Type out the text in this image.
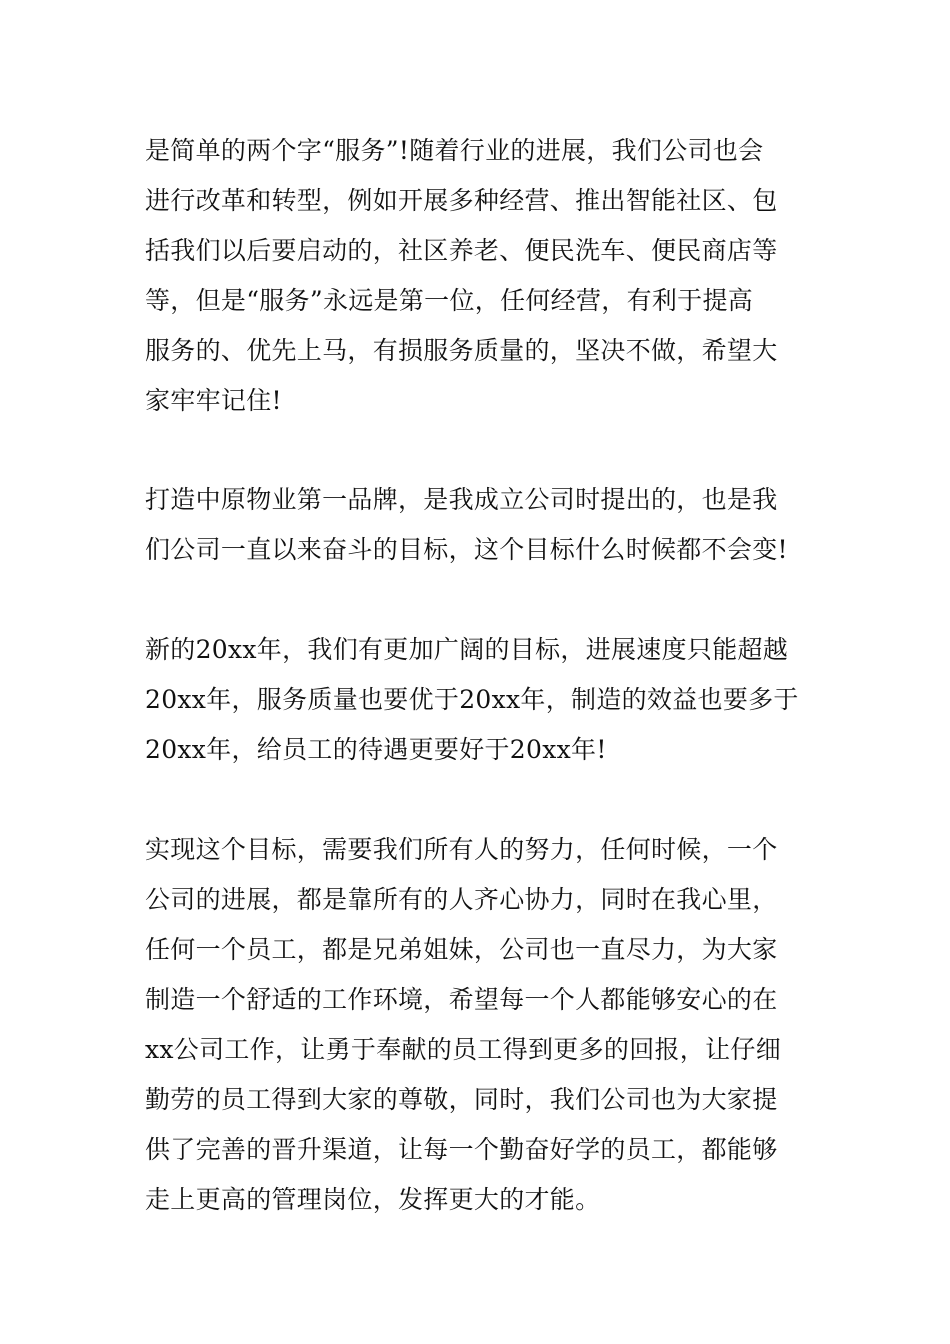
是简单的两个字“服务”!随着行业的进展，我们公司也会
进行改革和转型，例如开展多种经营、推出智能社区、包
括我们以后要启动的，社区养老、便民洗车、便民商店等
等，但是“服务”永远是第一位，任何经营，有利于提高
服务的、优先上马，有损服务质量的，坚决不做，希望大
家牢牢记住!

打造中原物业第一品牌，是我成立公司时提出的，也是我
们公司一直以来奋斗的目标，这个目标什么时候都不会变!

新的20xx年，我们有更加广阔的目标，进展速度只能超越
20xx年，服务质量也要优于20xx年，制造的效益也要多于
20xx年，给员工的待遇更要好于20xx年!

实现这个目标，需要我们所有人的努力，任何时候，一个
公司的进展，都是靠所有的人齐心协力，同时在我心里，
任何一个员工，都是兄弟姐妹，公司也一直尽力，为大家
制造一个舒适的工作环境，希望每一个人都能够安心的在
xx公司工作，让勇于奉献的员工得到更多的回报，让仔细
勤劳的员工得到大家的尊敬，同时，我们公司也为大家提
供了完善的晋升渠道，让每一个勤奋好学的员工，都能够
走上更高的管理岗位，发挥更大的才能。
